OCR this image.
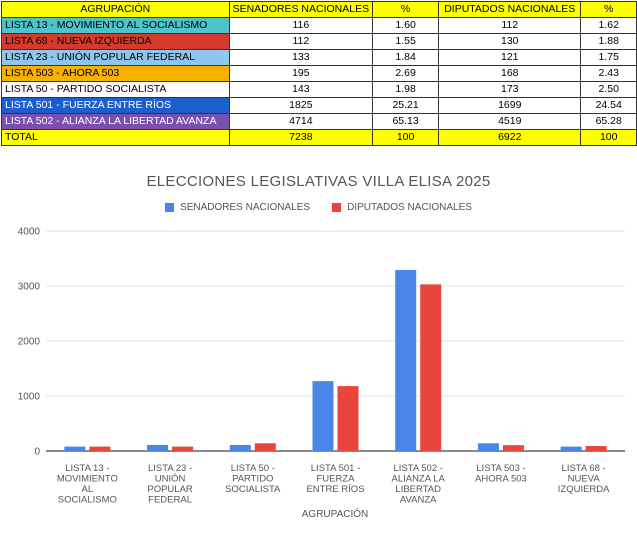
AGRUPACIÓN	SENADORES NACIONALES	%	DIPUTADOS NACIONALES	%
LISTA 13 - MOVIMIENTO AL SOCIALISMO	116	1.60	112	1.62
LISTA 68 - NUEVA IZQUIERDA	112	1.55	130	1.88
LISTA 23 - UNIÓN POPULAR FEDERAL	133	1.84	121	1.75
LISTA 503 - AHORA 503	195	2.69	168	2.43
LISTA 50 - PARTIDO SOCIALISTA	143	1.98	173	2.50
LISTA 501 - FUERZA ENTRE RÍOS	1825	25.21	1699	24.54
LISTA 502 - ALIANZA LA LIBERTAD AVANZA	4714	65.13	4519	65.28
TOTAL	7238	100	6922	100
0
1000
2000
3000
4000
LISTA 13 -MOVIMIENTO AL SOCIALISMO
LISTA 23 -UNIÓN POPULAR FEDERAL
LISTA 50 -PARTIDO SOCIALISTA
LISTA 501 -FUERZA ENTRE RÍOS
LISTA 502 -ALIANZA LA LIBERTAD AVANZA
LISTA 503 -AHORA 503
LISTA 68 -NUEVA IZQUIERDA
AGRUPACIÓN
ELECCIONES LEGISLATIVAS VILLA ELISA 2025
SENADORES NACIONALES	DIPUTADOS NACIONALES
